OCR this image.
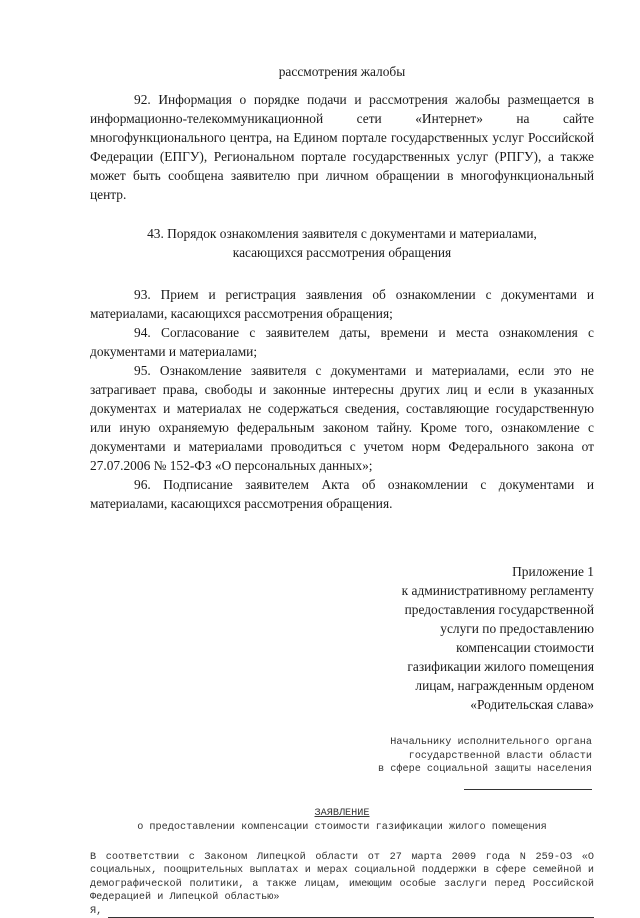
рассмотрения жалобы

92. Информация о порядке подачи и рассмотрения жалобы размещается в информационно-телекоммуникационной сети «Интернет» на сайте многофункционального центра, на Едином портале государственных услуг Российской Федерации (ЕПГУ), Региональном портале государственных услуг (РПГУ), а также может быть сообщена заявителю при личном обращении в многофункциональный центр.

43. Порядок ознакомления заявителя с документами и материалами,
касающихся рассмотрения обращения

93. Прием и регистрация заявления об ознакомлении с документами и материалами, касающихся рассмотрения обращения;

94. Согласование с заявителем даты, времени и места ознакомления с документами и материалами;

95. Ознакомление заявителя с документами и материалами, если это не затрагивает права, свободы и законные интересны других лиц и если в указанных документах и материалах не содержаться сведения, составляющие государственную или иную охраняемую федеральным законом тайну. Кроме того, ознакомление с документами и материалами проводиться с учетом норм Федерального закона от 27.07.2006 № 152-ФЗ «О персональных данных»;

96. Подписание заявителем Акта об ознакомлении с документами и материалами, касающихся рассмотрения обращения.

Приложение 1
к административному регламенту
предоставления государственной
услуги по предоставлению
компенсации стоимости
газификации жилого помещения
лицам, награжденным орденом
«Родительская слава»
Начальнику исполнительного органа
государственной власти области
в сфере социальной защиты населения
ЗАЯВЛЕНИЕ
о предоставлении компенсации стоимости газификации жилого помещения
В соответствии с Законом Липецкой области от 27 марта 2009 года N 259-ОЗ «О социальных, поощрительных выплатах и мерах социальной поддержки в сфере семейной и демографической политики, а также лицам, имеющим особые заслуги перед Российской Федерацией и Липецкой областью»
Я,
